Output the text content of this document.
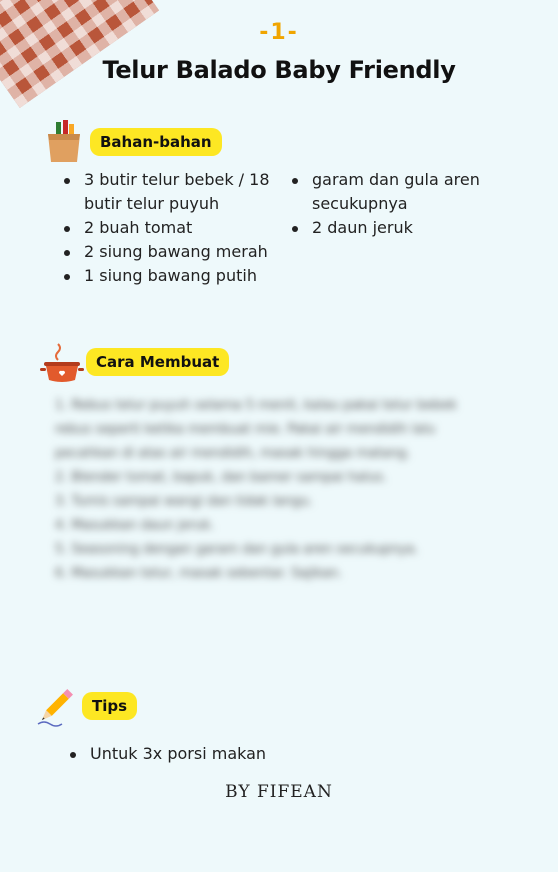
-1-
Telur Balado Baby Friendly
Bahan-bahan
3 butir telur bebek / 18 butir telur puyuh
2 buah tomat
2 siung bawang merah
1 siung bawang putih
garam dan gula aren secukupnya
2 daun jeruk
Cara Membuat

1. Rebus telur puyuh selama 5 menit, kalau pakai telur bebek rebus seperti ketika membuat mie. Pakai air mendidih lalu pecahkan di atas air mendidih, masak hingga matang.

2. Blender tomat, bapuk, dan bamer sampai halus.

3. Tumis sampai wangi dan tidak langu.

4. Masukkan daun jeruk.

5. Seasoning dengan garam dan gula aren secukupnya.

6. Masukkan telur, masak sebentar. Sajikan.

Tips
Untuk 3x porsi makan
BY FIFEAN
